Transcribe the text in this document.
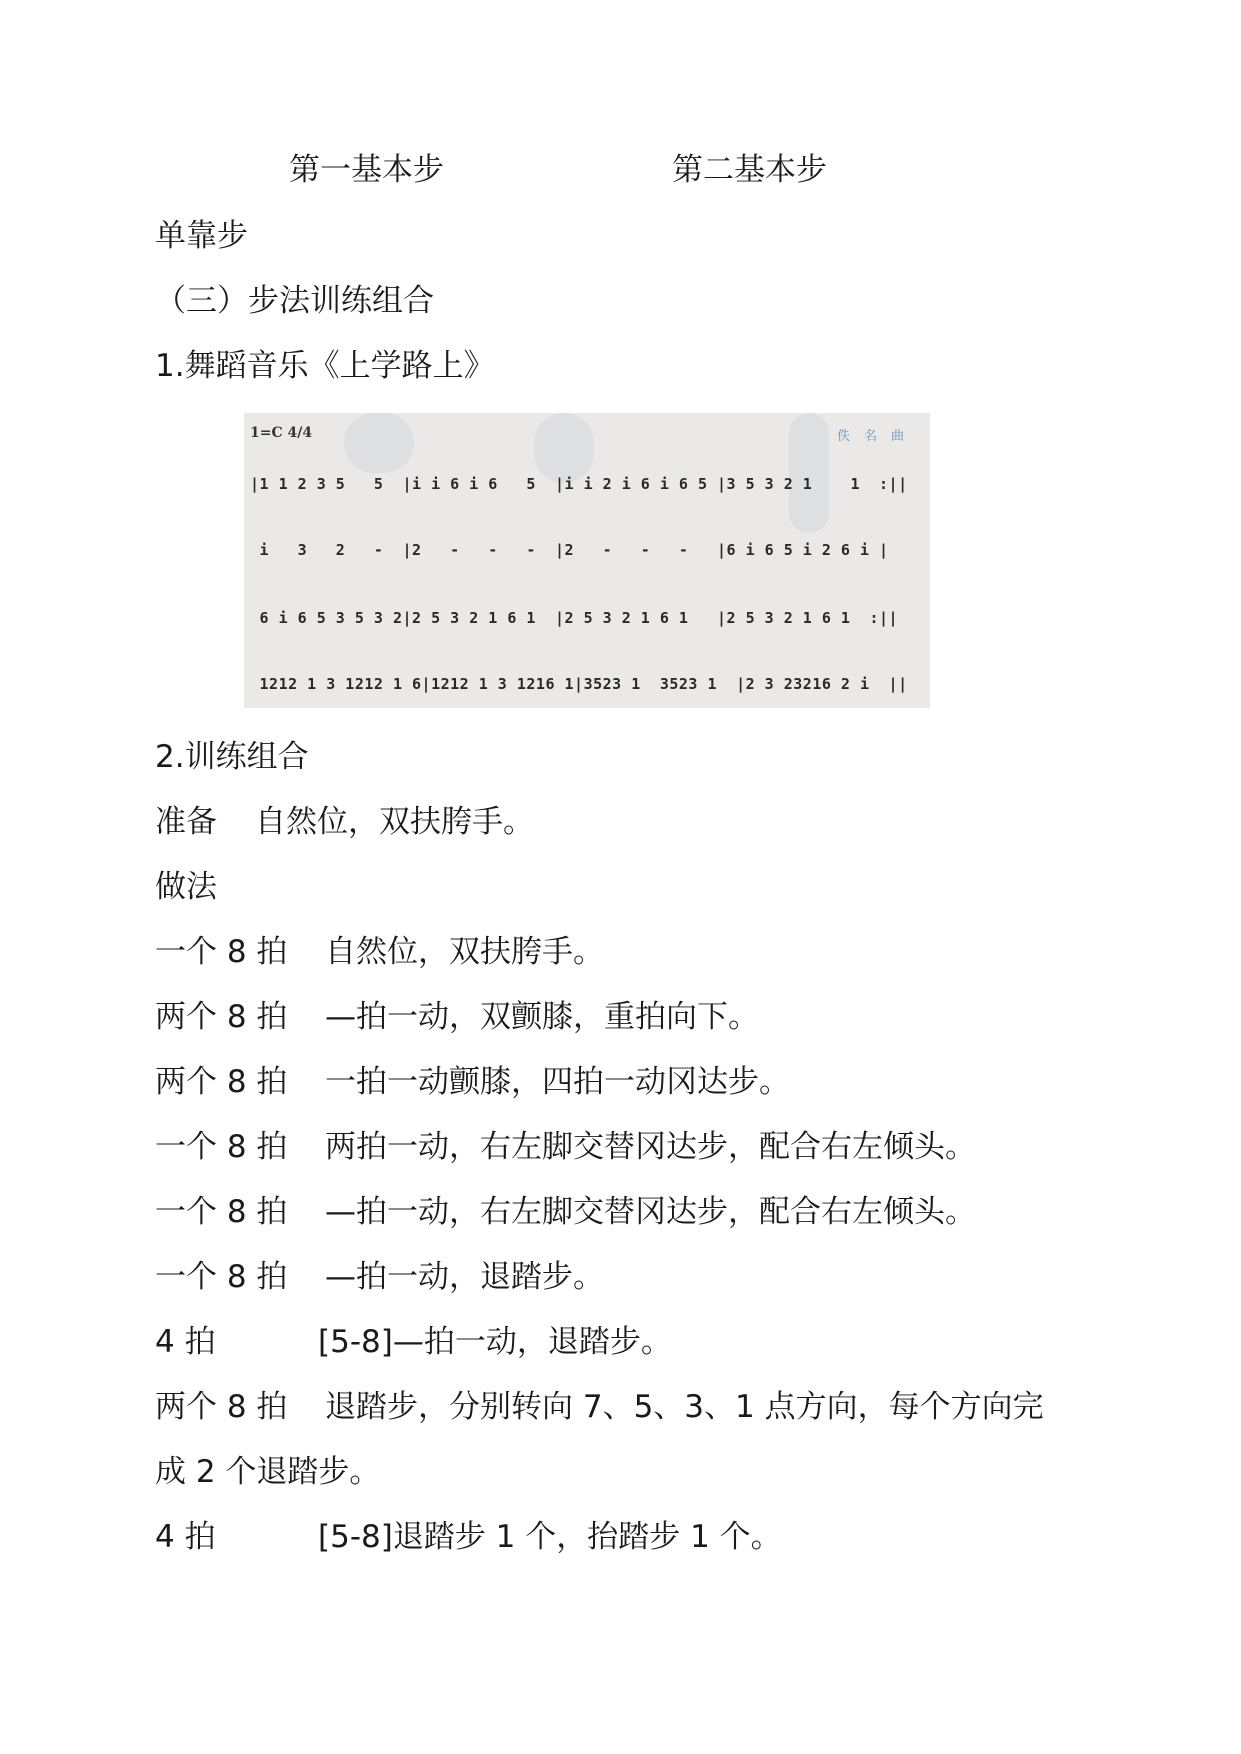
第一基本步	第二基本步
单靠步
（三）步法训练组合
1.舞蹈音乐《上学路上》
1=C 4/4	佚名曲
|1 1 2 3 5   5  |i i 6 i 6   5  |i i 2 i 6 i 6 5 |3 5 3 2 1    1  :||
i   3   2   -  |2   -   -   -  |2   -   -   -   |6 i 6 5 i 2 6 i |
6 i 6 5 3 5 3 2|2 5 3 2 1 6 1  |2 5 3 2 1 6 1   |2 5 3 2 1 6 1  :||
1212 1 3 1212 1 6|1212 1 3 1216 1|3523 1  3523 1  |2 3 23216 2 i  ||
2.训练组合
准备 自然位，双扶胯手。
做法
一个 8 拍 自然位，双扶胯手。
两个 8 拍 —拍一动，双颤膝，重拍向下。
两个 8 拍 一拍一动颤膝，四拍一动冈达步。
一个 8 拍 两拍一动，右左脚交替冈达步，配合右左倾头。
一个 8 拍 —拍一动，右左脚交替冈达步，配合右左倾头。
一个 8 拍 —拍一动，退踏步。
4 拍	[5-8]—拍一动，退踏步。
两个 8 拍 退踏步，分别转向 7、5、3、1 点方向，每个方向完
成 2 个退踏步。
4 拍	[5-8]退踏步 1 个，抬踏步 1 个。
